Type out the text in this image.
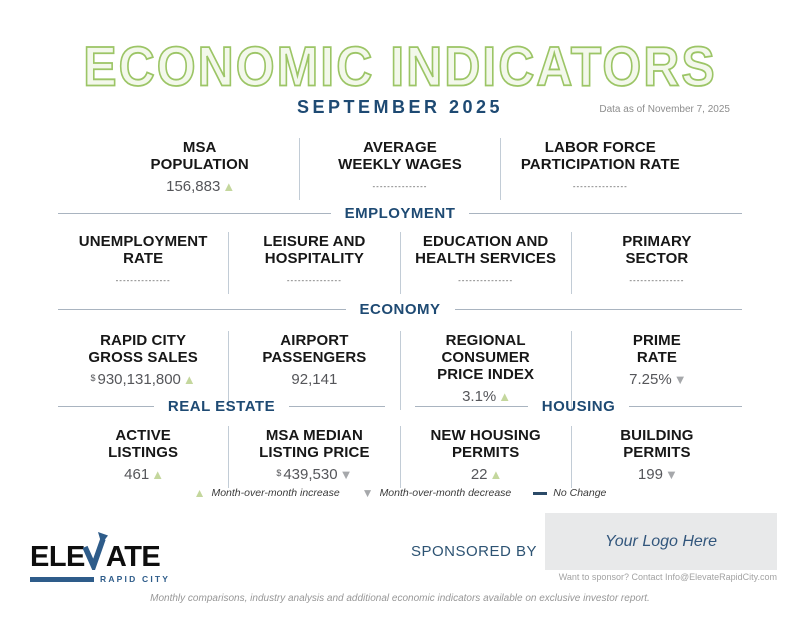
ECONOMIC INDICATORS
SEPTEMBER 2025	Data as of November 7, 2025
MSA
POPULATION
156,883 ▲
AVERAGE
WEEKLY WAGES
---------------
LABOR FORCE
PARTICIPATION RATE
---------------
EMPLOYMENT
UNEMPLOYMENT
RATE
---------------
LEISURE AND
HOSPITALITY
---------------
EDUCATION AND
HEALTH SERVICES
---------------
PRIMARY
SECTOR
---------------
ECONOMY
RAPID CITY
GROSS SALES
$ 930,131,800 ▲
AIRPORT
PASSENGERS
92,141
REGIONAL CONSUMER
PRICE INDEX
3.1% ▲
PRIME
RATE
7.25% ▼
REAL ESTATE	HOUSING
ACTIVE
LISTINGS
461 ▲
MSA MEDIAN
LISTING PRICE
$ 439,530 ▼
NEW HOUSING
PERMITS
22 ▲
BUILDING
PERMITS
199 ▼
▲ Month-over-month increase ▼ Month-over-month decrease	No Change
ELE ATE
RAPID CITY
SPONSORED BY
Your Logo Here
Want to sponsor? Contact Info@ElevateRapidCity.com
Monthly comparisons, industry analysis and additional economic indicators available on exclusive investor report.
